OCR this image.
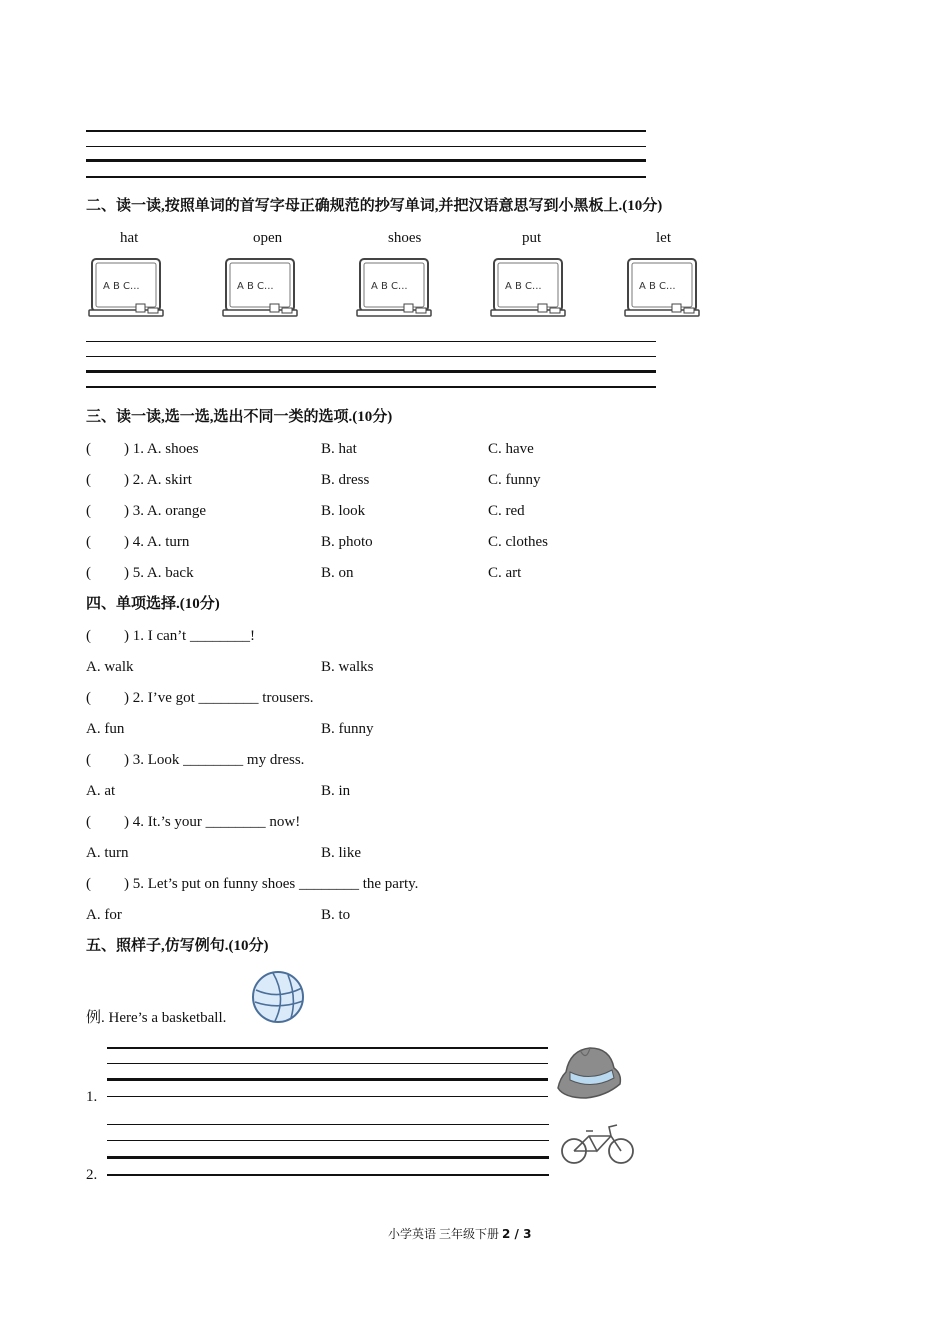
二、读一读,按照单词的首写字母正确规范的抄写单词,并把汉语意思写到小黑板上.(10分)
hat	open	shoes	put	let
A B C...	A B C...	A B C...	A B C...	A B C...
三、读一读,选一选,选出不同一类的选项.(10分)
( ) 1. A. shoes	B. hat	C. have
( ) 2. A. skirt	B. dress	C. funny
( ) 3. A. orange	B. look	C. red
( ) 4. A. turn	B. photo	C. clothes
( ) 5. A. back	B. on	C. art
四、单项选择.(10分)
( ) 1. I can’t ________!
A. walk	B. walks
( ) 2. I’ve got ________ trousers.
A. fun	B. funny
( ) 3. Look ________ my dress.
A. at	B. in
( ) 4. It.’s your ________ now!
A. turn	B. like
( ) 5. Let’s put on funny shoes ________ the party.
A. for	B. to
五、照样子,仿写例句.(10分)
例. Here’s a basketball.
1.
2.
小学英语 三年级下册 2 / 3
